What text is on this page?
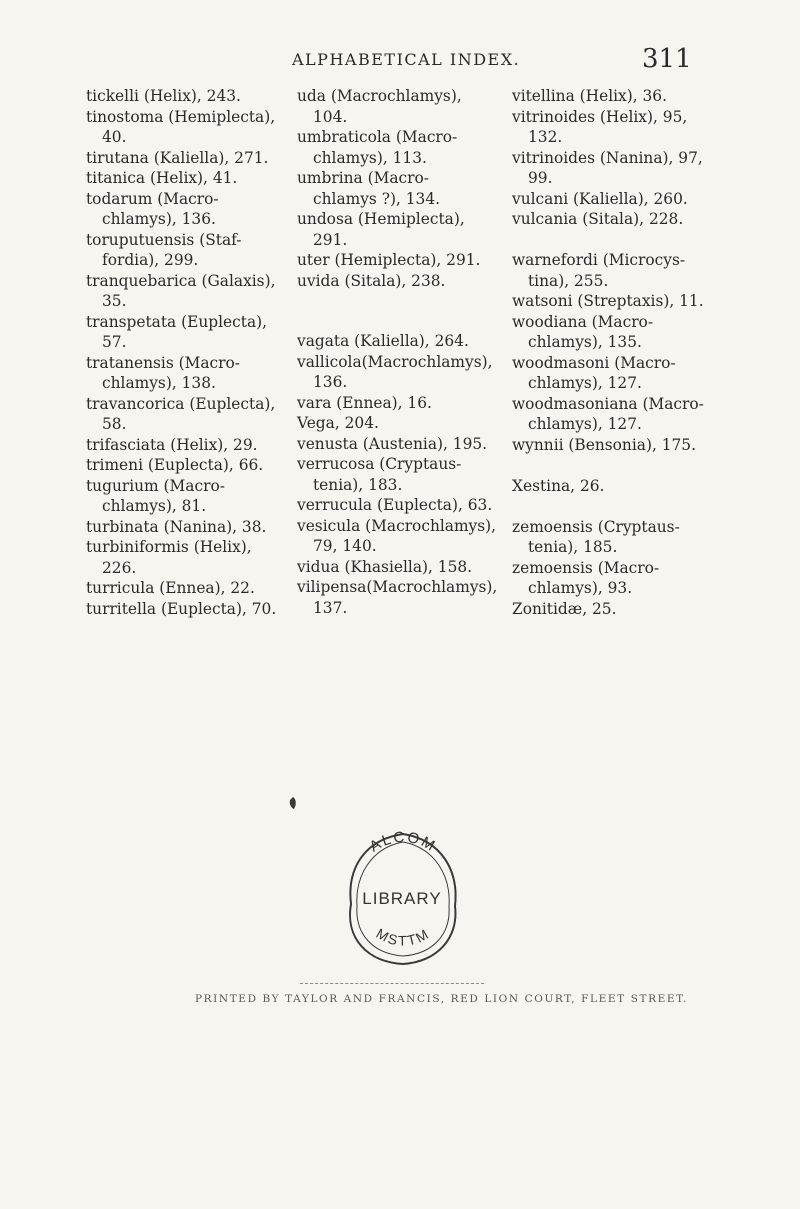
ALPHABETICAL INDEX.	311
tickelli (Helix), 243.
tinostoma (Hemiplecta),
40.
tirutana (Kaliella), 271.
titanica (Helix), 41.
todarum (Macro-
chlamys), 136.
toruputuensis (Staf-
fordia), 299.
tranquebarica (Galaxis),
35.
transpetata (Euplecta),
57.
tratanensis (Macro-
chlamys), 138.
travancorica (Euplecta),
58.
trifasciata (Helix), 29.
trimeni (Euplecta), 66.
tugurium (Macro-
chlamys), 81.
turbinata (Nanina), 38.
turbiniformis (Helix),
226.
turricula (Ennea), 22.
turritella (Euplecta), 70.
uda (Macrochlamys),
104.
umbraticola (Macro-
chlamys), 113.
umbrina (Macro-
chlamys ?), 134.
undosa (Hemiplecta),
291.
uter (Hemiplecta), 291.
uvida (Sitala), 238.
vagata (Kaliella), 264.
vallicola(Macrochlamys),
136.
vara (Ennea), 16.
Vega, 204.
venusta (Austenia), 195.
verrucosa (Cryptaus-
tenia), 183.
verrucula (Euplecta), 63.
vesicula (Macrochlamys),
79, 140.
vidua (Khasiella), 158.
vilipensa(Macrochlamys),
137.
vitellina (Helix), 36.
vitrinoides (Helix), 95,
132.
vitrinoides (Nanina), 97,
99.
vulcani (Kaliella), 260.
vulcania (Sitala), 228.
warnefordi (Microcys-
tina), 255.
watsoni (Streptaxis), 11.
woodiana (Macro-
chlamys), 135.
woodmasoni (Macro-
chlamys), 127.
woodmasoniana (Macro-
chlamys), 127.
wynnii (Bensonia), 175.
Xestina, 26.
zemoensis (Cryptaus-
tenia), 185.
zemoensis (Macro-
chlamys), 93.
Zonitidæ, 25.
ALCOM
LIBRARY
MSTTM
PRINTED BY TAYLOR AND FRANCIS, RED LION COURT, FLEET STREET.
